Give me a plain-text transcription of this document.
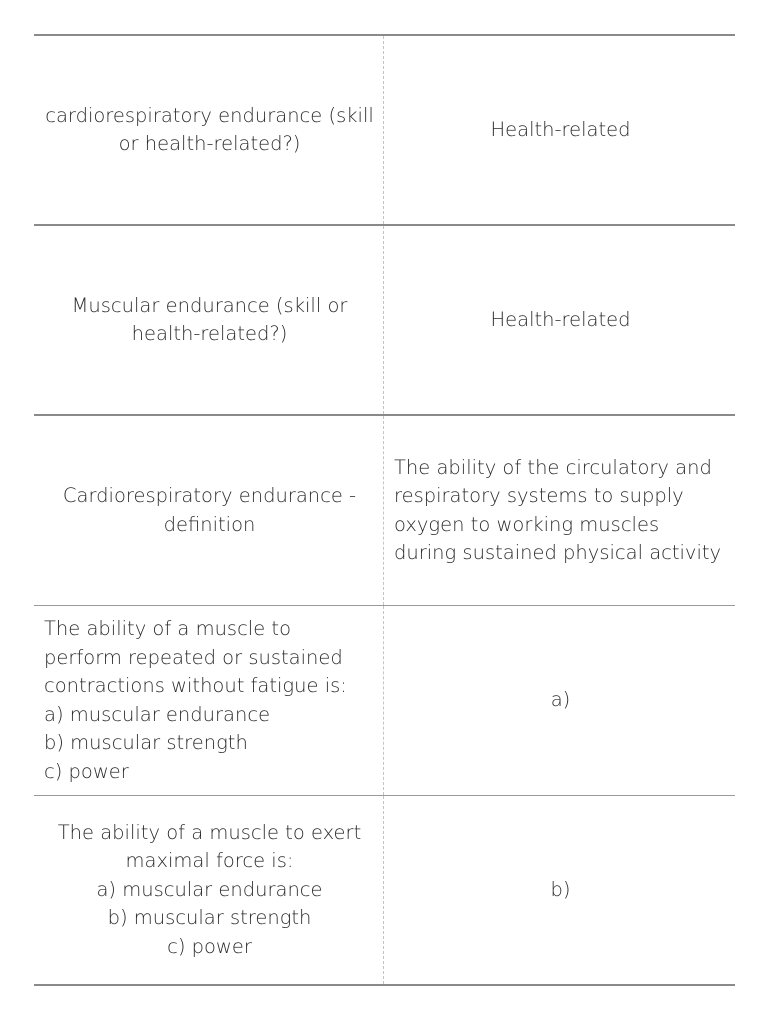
cardiorespiratory endurance (skill
or health-related?)
Health-related
Muscular endurance (skill or
health-related?)
Health-related
Cardiorespiratory endurance -
definition
The ability of the circulatory and
respiratory systems to supply
oxygen to working muscles
during sustained physical activity
The ability of a muscle to
perform repeated or sustained
contractions without fatigue is:
a) muscular endurance
b) muscular strength
c) power
a)
The ability of a muscle to exert
maximal force is:
a) muscular endurance
b) muscular strength
c) power
b)
